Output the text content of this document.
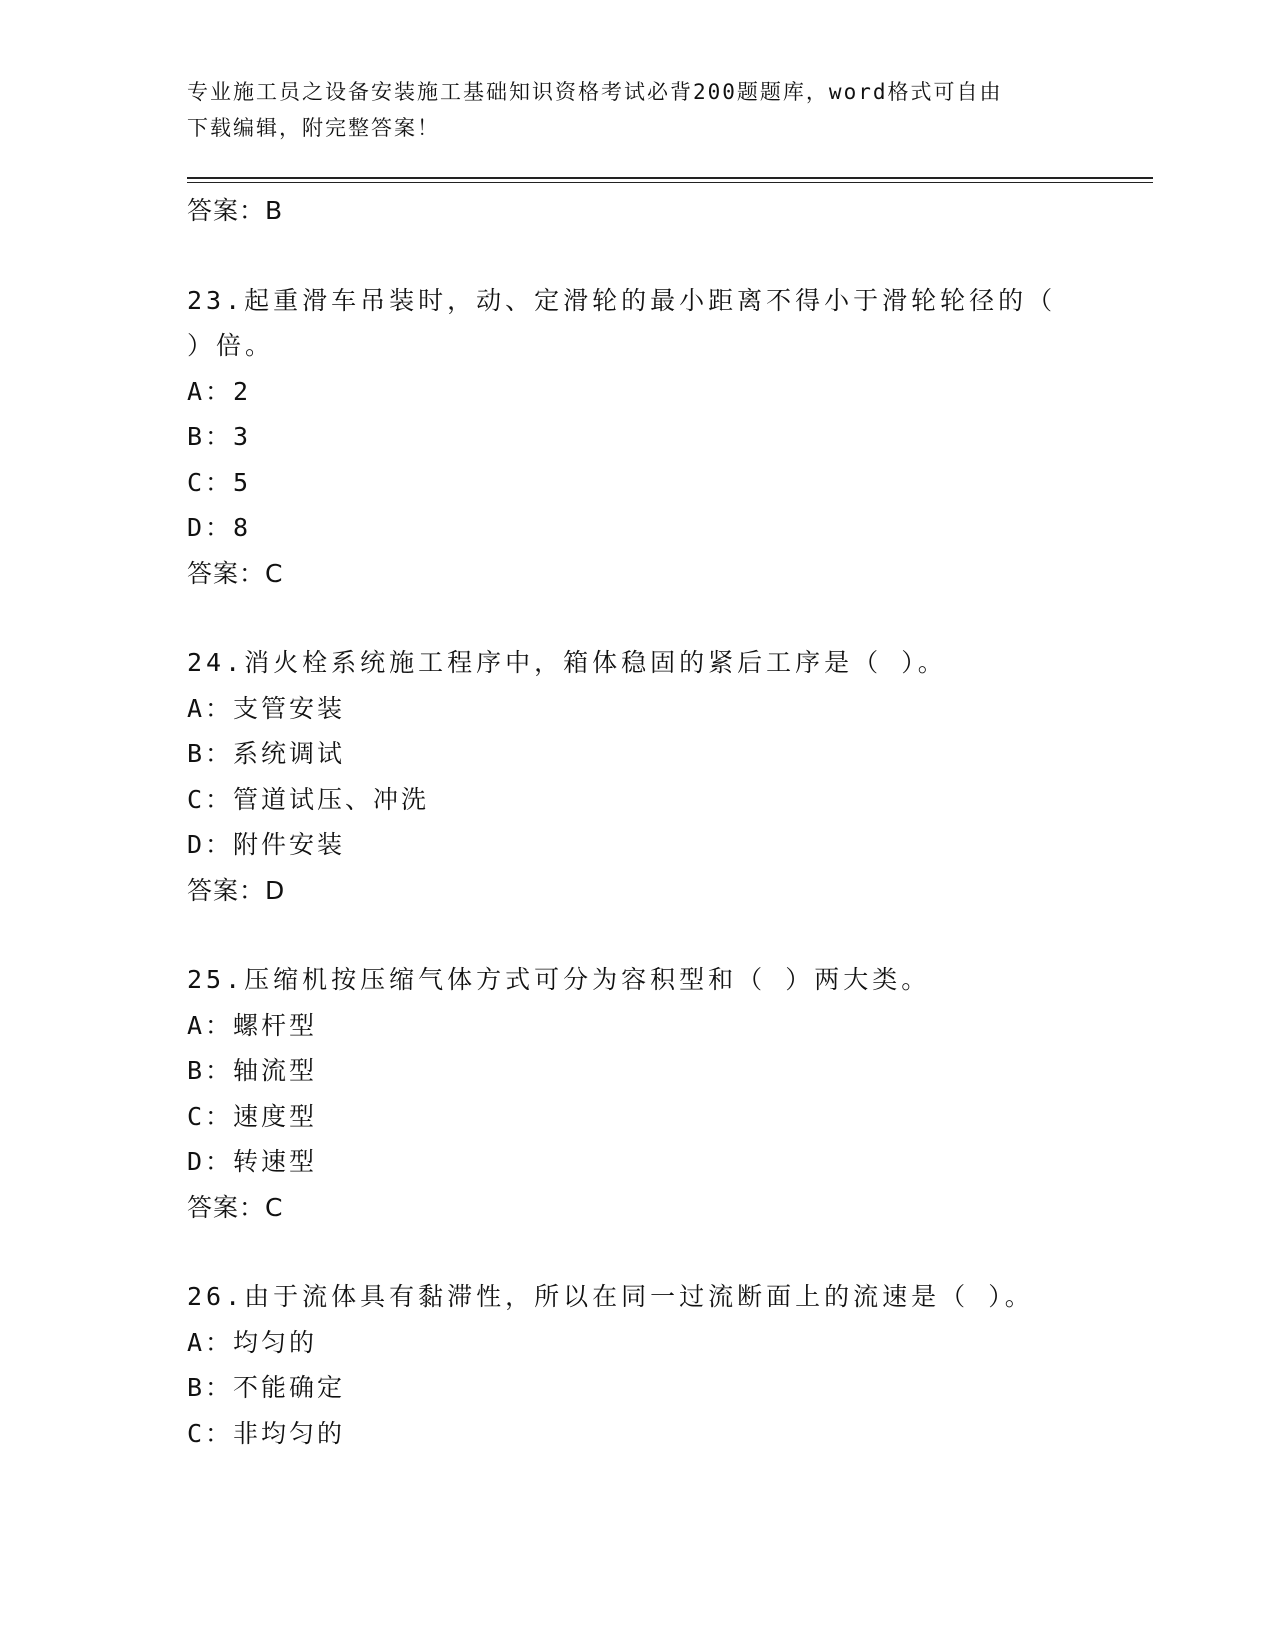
专业施工员之设备安装施工基础知识资格考试必背200题题库，word格式可自由
下载编辑，附完整答案！
答案：B
23.起重滑车吊装时，动、定滑轮的最小距离不得小于滑轮轮径的（
）倍。
A：2
B：3
C：5
D：8
答案：C
24.消火栓系统施工程序中，箱体稳固的紧后工序是（ ）。
A：支管安装
B：系统调试
C：管道试压、冲洗
D：附件安装
答案：D
25.压缩机按压缩气体方式可分为容积型和（ ）两大类。
A：螺杆型
B：轴流型
C：速度型
D：转速型
答案：C
26.由于流体具有黏滞性，所以在同一过流断面上的流速是（ ）。
A：均匀的
B：不能确定
C：非均匀的
